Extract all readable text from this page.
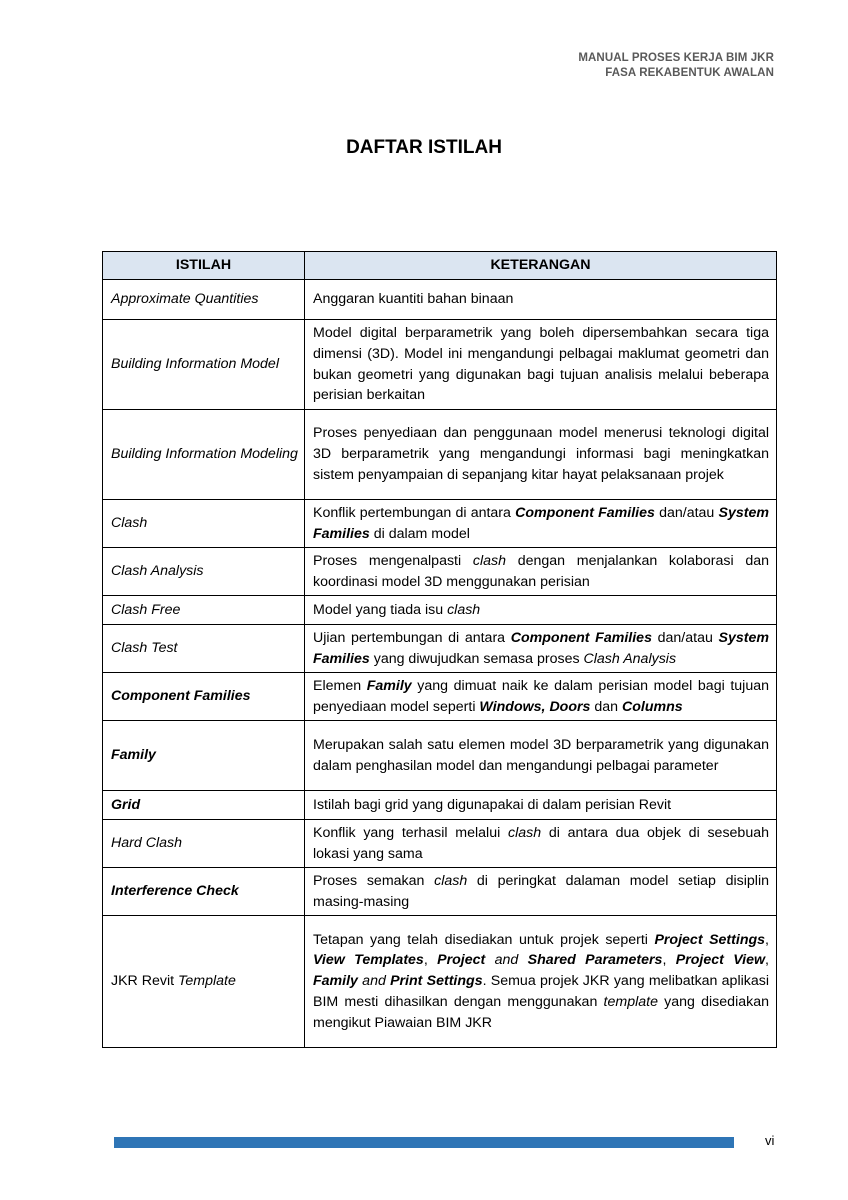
MANUAL PROSES KERJA BIM JKR
FASA REKABENTUK AWALAN
DAFTAR ISTILAH
ISTILAH	KETERANGAN
Approximate Quantities	Anggaran kuantiti bahan binaan
Building Information Model	Model digital berparametrik yang boleh dipersembahkan secara tiga dimensi (3D). Model ini mengandungi pelbagai maklumat geometri dan bukan geometri yang digunakan bagi tujuan analisis melalui beberapa perisian berkaitan
Building Information Modeling	Proses penyediaan dan penggunaan model menerusi teknologi digital 3D berparametrik yang mengandungi informasi bagi meningkatkan sistem penyampaian di sepanjang kitar hayat pelaksanaan projek
Clash	Konflik pertembungan di antara Component Families dan/atau System Families di dalam model
Clash Analysis	Proses mengenalpasti clash dengan menjalankan kolaborasi dan koordinasi model 3D menggunakan perisian
Clash Free	Model yang tiada isu clash
Clash Test	Ujian pertembungan di antara Component Families dan/atau System Families yang diwujudkan semasa proses Clash Analysis
Component Families	Elemen Family yang dimuat naik ke dalam perisian model bagi tujuan penyediaan model seperti Windows, Doors dan Columns
Family	Merupakan salah satu elemen model 3D berparametrik yang digunakan dalam penghasilan model dan mengandungi pelbagai parameter
Grid	Istilah bagi grid yang digunapakai di dalam perisian Revit
Hard Clash	Konflik yang terhasil melalui clash di antara dua objek di sesebuah lokasi yang sama
Interference Check	Proses semakan clash di peringkat dalaman model setiap disiplin masing-masing
JKR Revit Template	Tetapan yang telah disediakan untuk projek seperti Project Settings, View Templates, Project and Shared Parameters, Project View, Family and Print Settings. Semua projek JKR yang melibatkan aplikasi BIM mesti dihasilkan dengan menggunakan template yang disediakan mengikut Piawaian BIM JKR
vi
